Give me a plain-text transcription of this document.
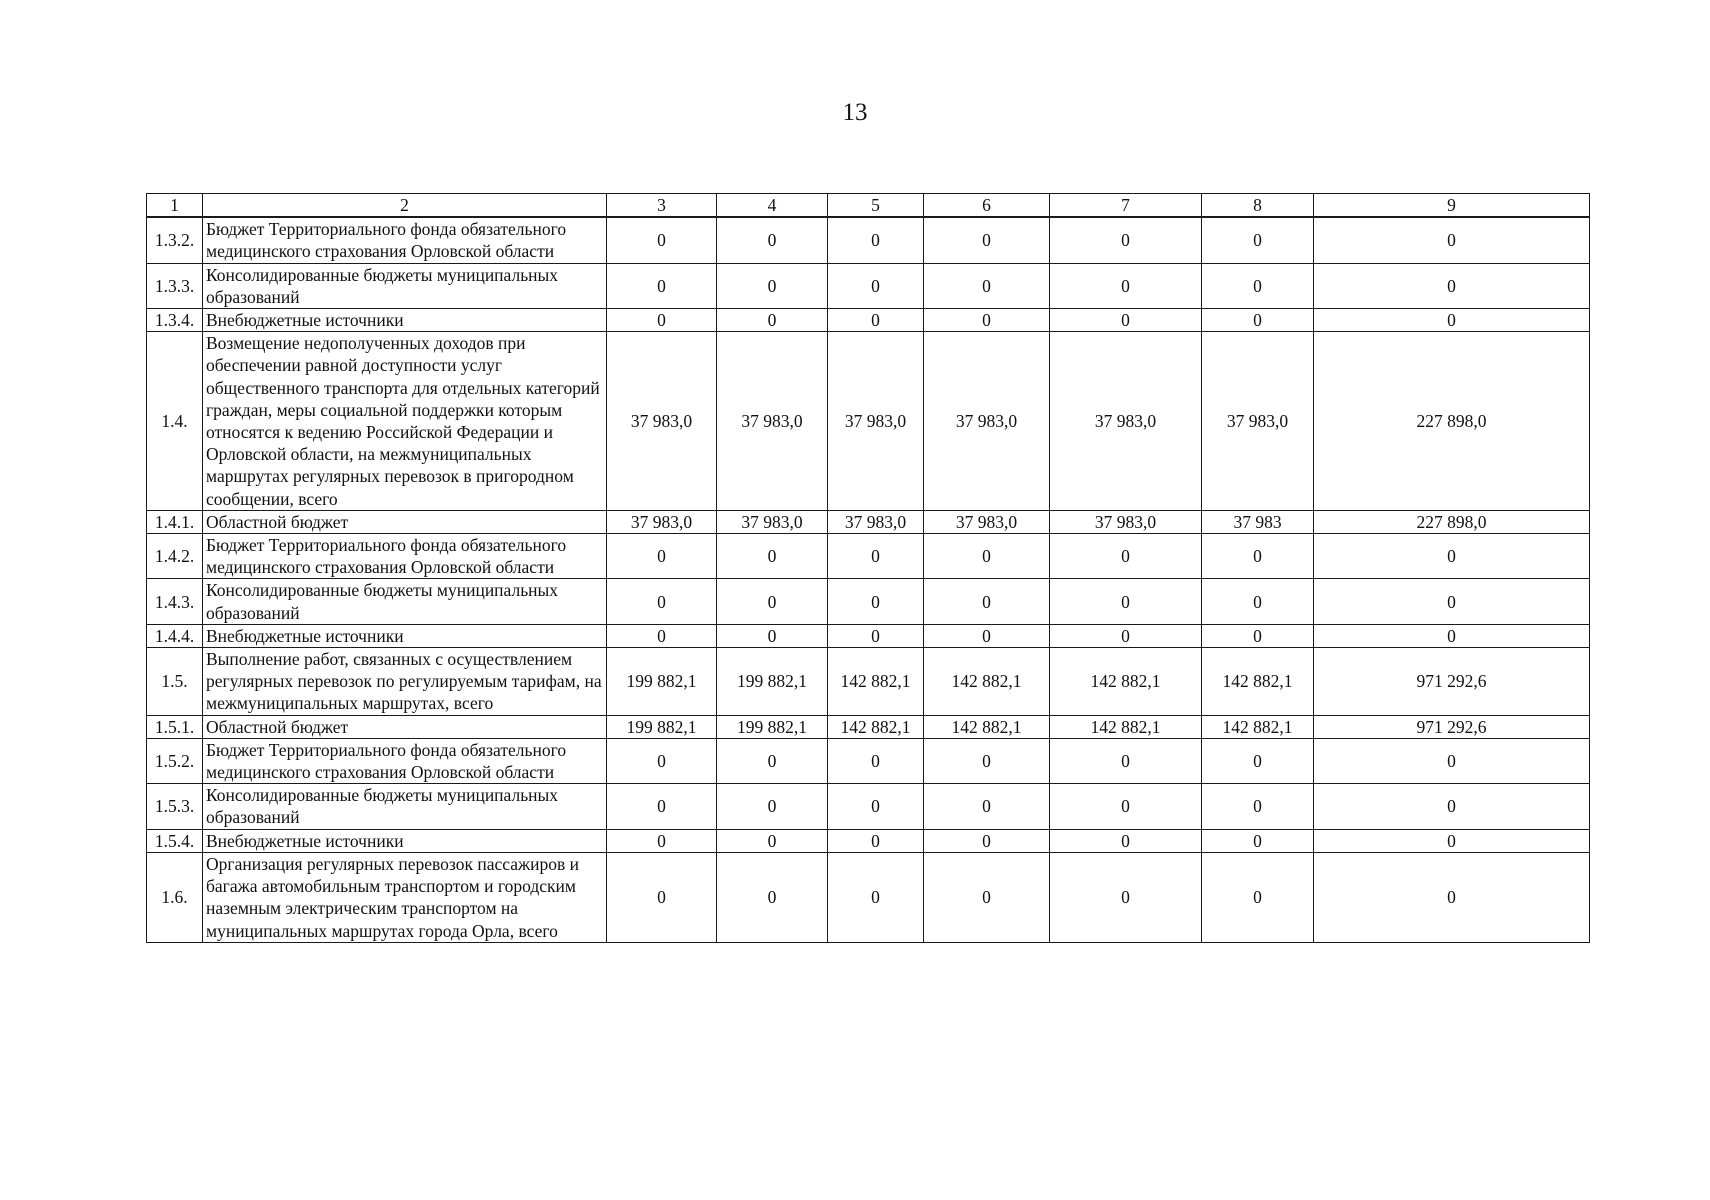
13
1	2	3	4	5	6	7	8	9
1.3.2.	Бюджет Территориального фонда обязательного медицинского страхования Орловской области	0	0	0	0	0	0	0
1.3.3.	Консолидированные бюджеты муниципальных образований	0	0	0	0	0	0	0
1.3.4.	Внебюджетные источники	0	0	0	0	0	0	0
1.4.	Возмещение недополученных доходов при обеспечении равной доступности услуг общественного транспорта для отдельных категорий граждан, меры социальной поддержки которым относятся к ведению Российской Федерации и Орловской области, на межмуниципальных маршрутах регулярных перевозок в пригородном сообщении, всего	37 983,0	37 983,0	37 983,0	37 983,0	37 983,0	37 983,0	227 898,0
1.4.1.	Областной бюджет	37 983,0	37 983,0	37 983,0	37 983,0	37 983,0	37 983	227 898,0
1.4.2.	Бюджет Территориального фонда обязательного медицинского страхования Орловской области	0	0	0	0	0	0	0
1.4.3.	Консолидированные бюджеты муниципальных образований	0	0	0	0	0	0	0
1.4.4.	Внебюджетные источники	0	0	0	0	0	0	0
1.5.	Выполнение работ, связанных с осуществлением регулярных перевозок по регулируемым тарифам, на межмуниципальных маршрутах, всего	199 882,1	199 882,1	142 882,1	142 882,1	142 882,1	142 882,1	971 292,6
1.5.1.	Областной бюджет	199 882,1	199 882,1	142 882,1	142 882,1	142 882,1	142 882,1	971 292,6
1.5.2.	Бюджет Территориального фонда обязательного медицинского страхования Орловской области	0	0	0	0	0	0	0
1.5.3.	Консолидированные бюджеты муниципальных образований	0	0	0	0	0	0	0
1.5.4.	Внебюджетные источники	0	0	0	0	0	0	0
1.6.	Организация регулярных перевозок пассажиров и багажа автомобильным транспортом и городским наземным электрическим транспортом на муниципальных маршрутах города Орла, всего	0	0	0	0	0	0	0
